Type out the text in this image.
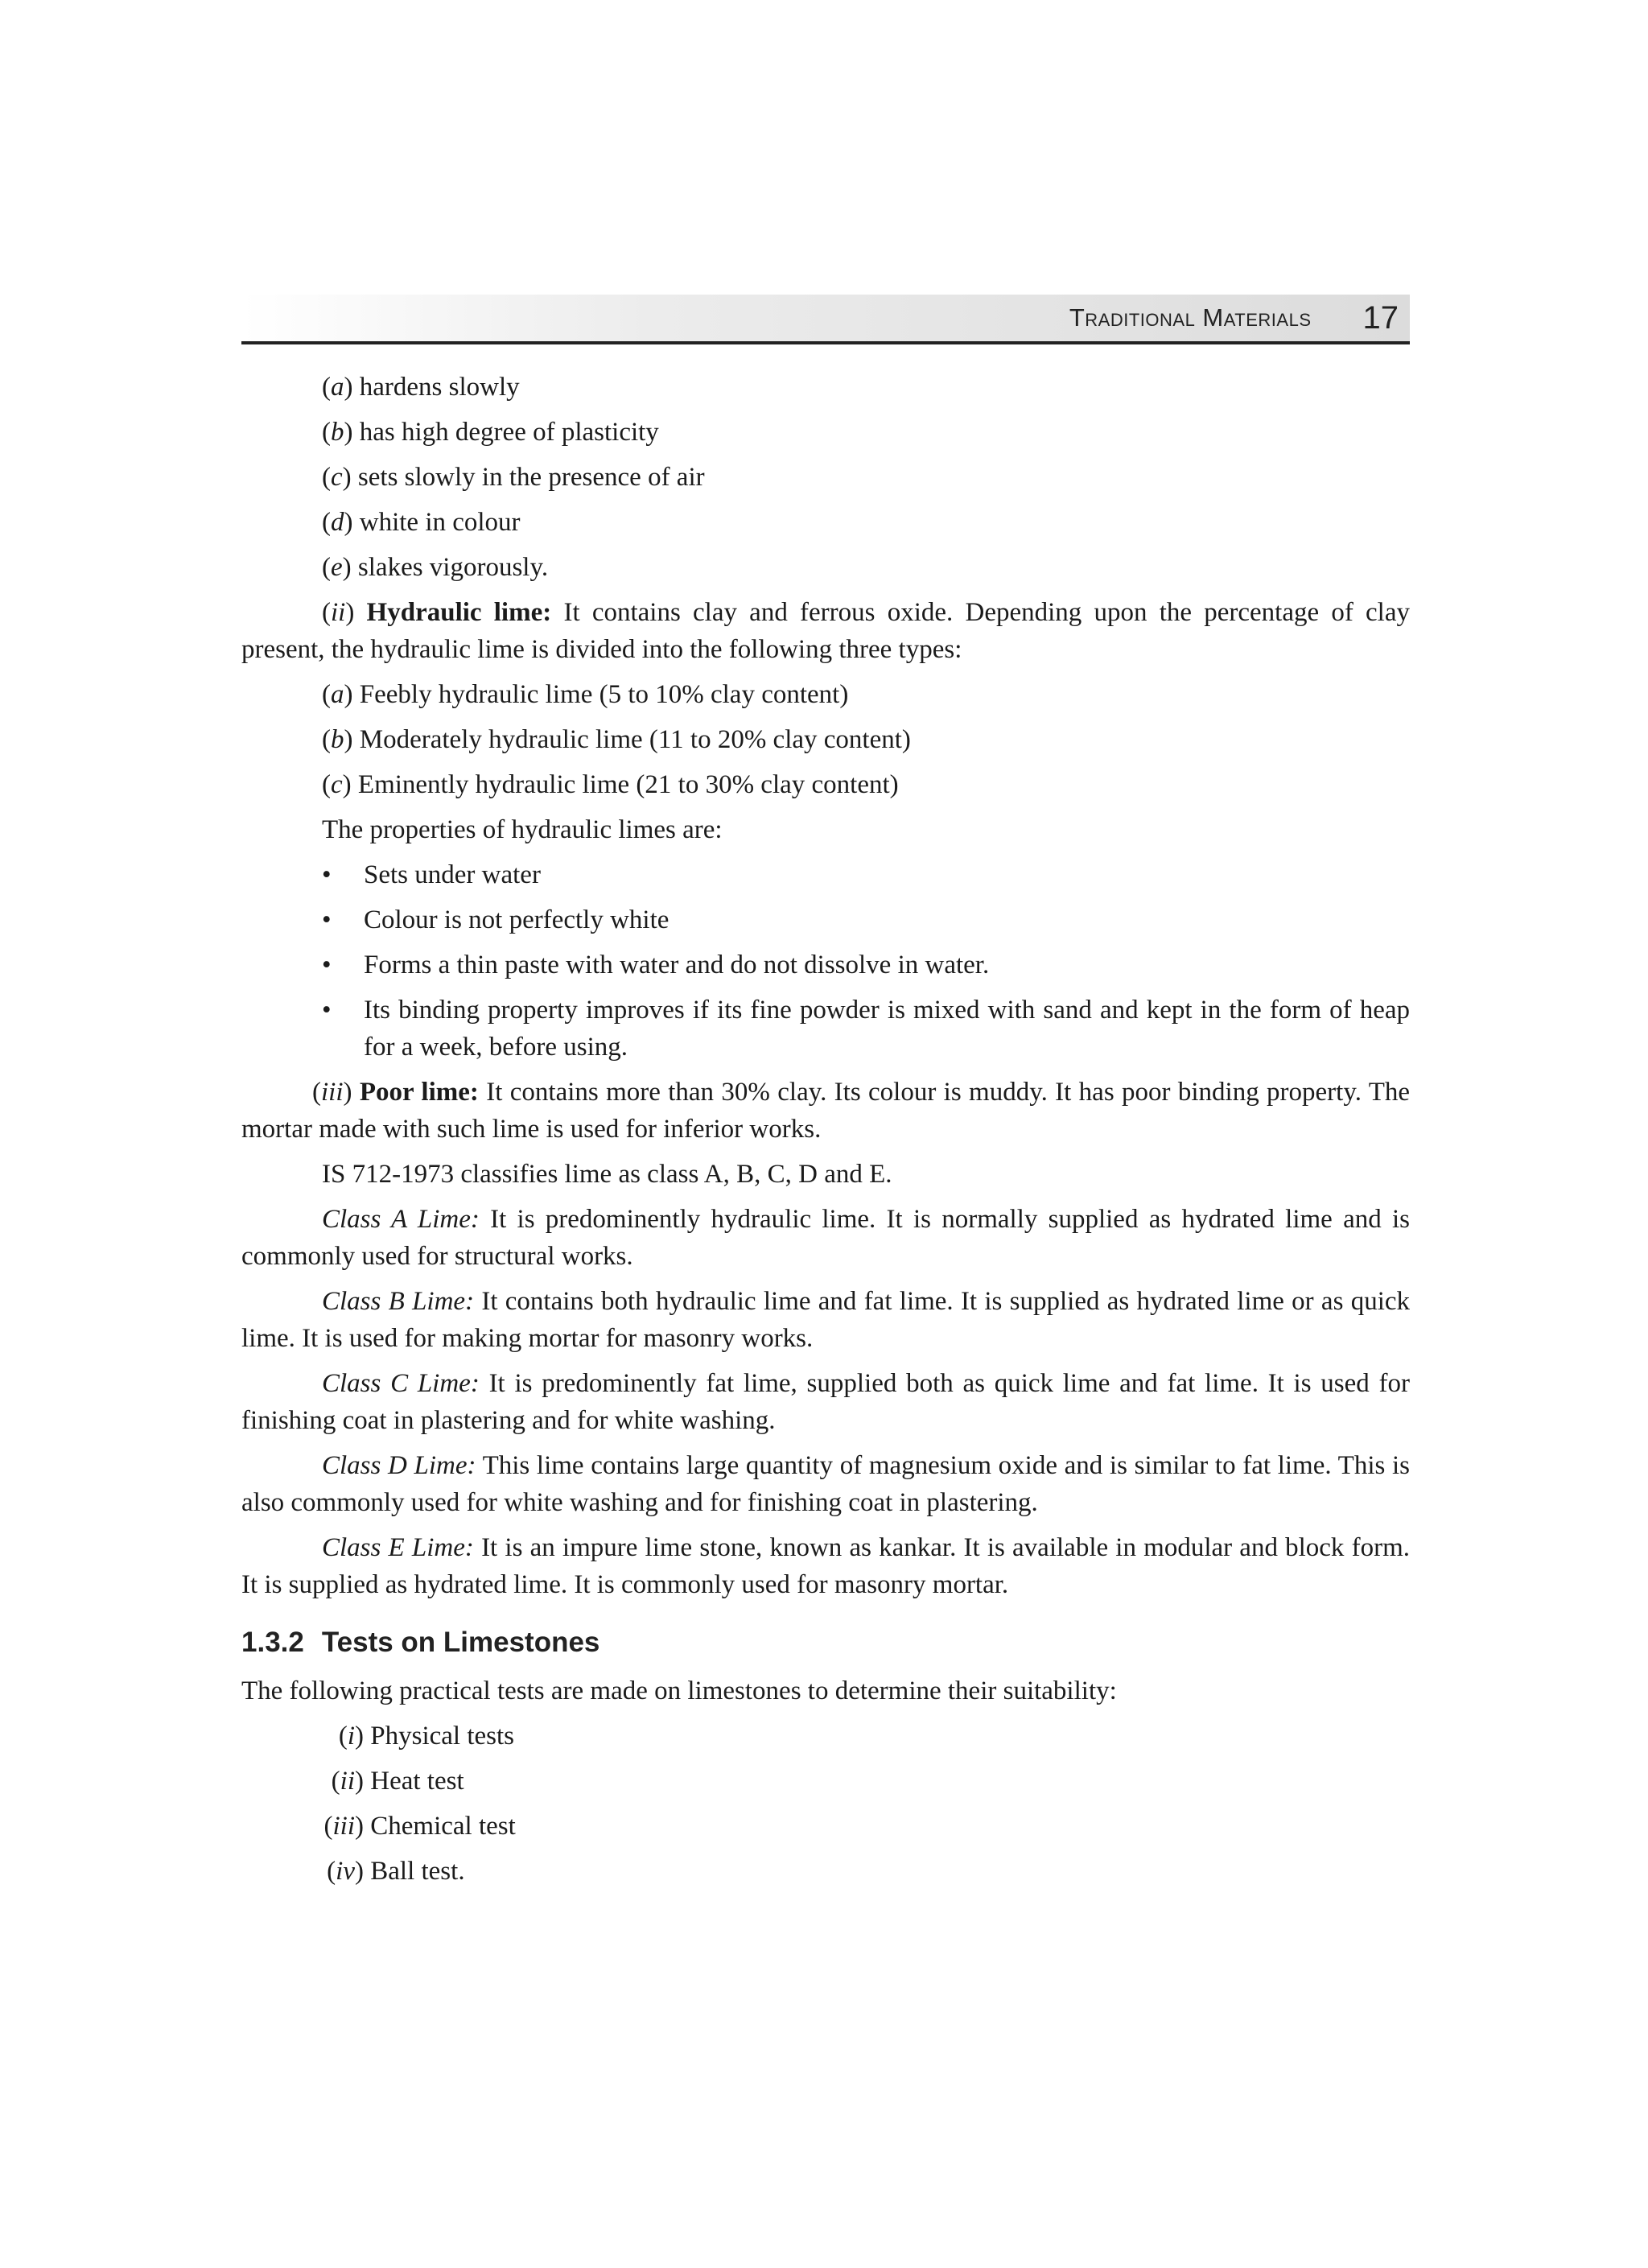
Traditional Materials 17
(a) hardens slowly
(b) has high degree of plasticity
(c) sets slowly in the presence of air
(d) white in colour
(e) slakes vigorously.

(ii) Hydraulic lime: It contains clay and ferrous oxide. Depending upon the percentage of clay present, the hydraulic lime is divided into the following three types:

(a) Feebly hydraulic lime (5 to 10% clay content)
(b) Moderately hydraulic lime (11 to 20% clay content)
(c) Eminently hydraulic lime (21 to 30% clay content)
The properties of hydraulic limes are:
• Sets under water
• Colour is not perfectly white
• Forms a thin paste with water and do not dissolve in water.
• Its binding property improves if its fine powder is mixed with sand and kept in the form of heap for a week, before using.

(iii) Poor lime: It contains more than 30% clay. Its colour is muddy. It has poor binding property. The mortar made with such lime is used for inferior works.

IS 712-1973 classifies lime as class A, B, C, D and E.

Class A Lime: It is predominently hydraulic lime. It is normally supplied as hydrated lime and is commonly used for structural works.

Class B Lime: It contains both hydraulic lime and fat lime. It is supplied as hydrated lime or as quick lime. It is used for making mortar for masonry works.

Class C Lime: It is predominently fat lime, supplied both as quick lime and fat lime. It is used for finishing coat in plastering and for white washing.

Class D Lime: This lime contains large quantity of magnesium oxide and is similar to fat lime. This is also commonly used for white washing and for finishing coat in plastering.

Class E Lime: It is an impure lime stone, known as kankar. It is available in modular and block form. It is supplied as hydrated lime. It is commonly used for masonry mortar.

1.3.2 Tests on Limestones

The following practical tests are made on limestones to determine their suitability:

(i) Physical tests
(ii) Heat test
(iii) Chemical test
(iv) Ball test.
